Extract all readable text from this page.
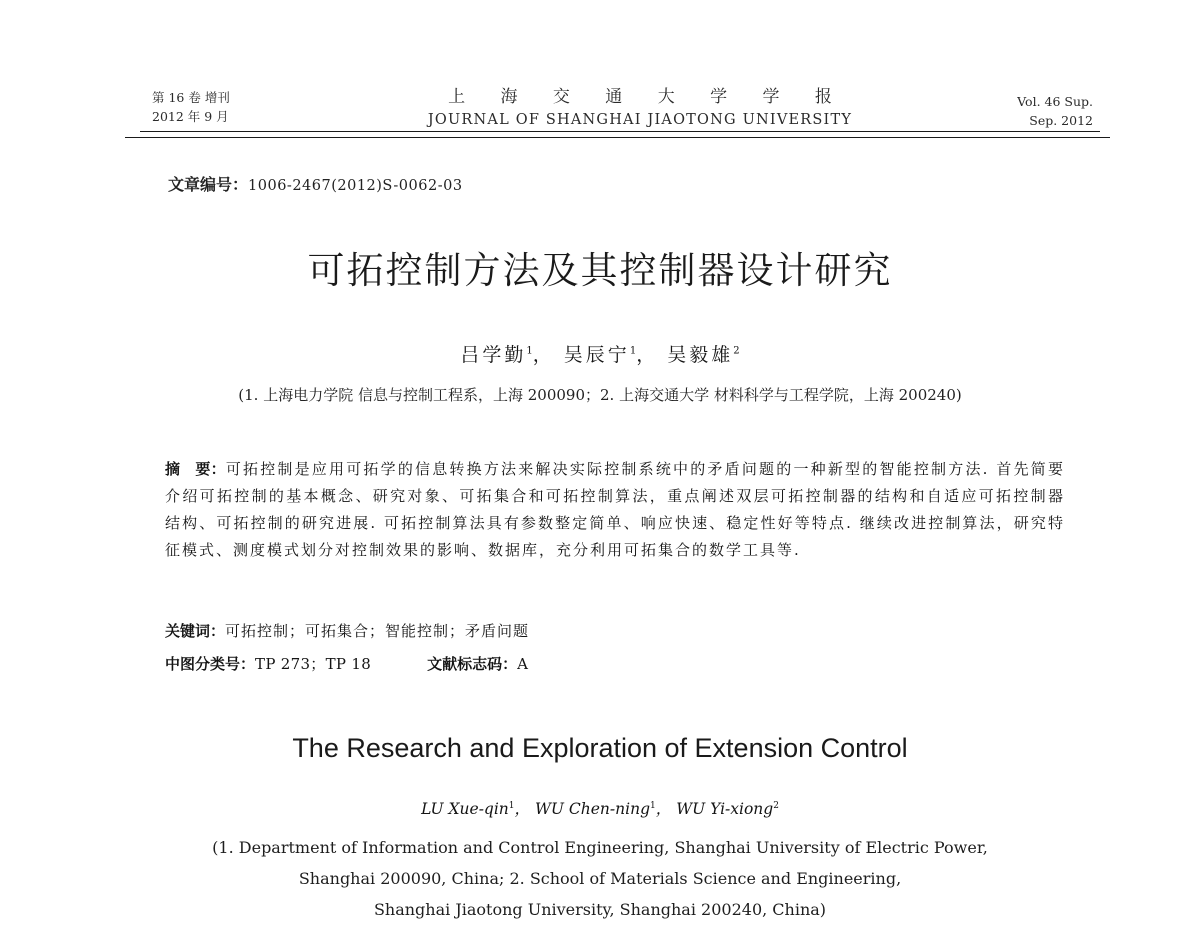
第 16 卷 增刊
2012 年 9 月
上 海 交 通 大 学 学 报
JOURNAL OF SHANGHAI JIAOTONG UNIVERSITY
Vol. 46 Sup.
Sep. 2012
文章编号：1006-2467(2012)S-0062-03
可拓控制方法及其控制器设计研究
吕学勤$^1$， 吴辰宁$^1$， 吴毅雄$^2$
(1. 上海电力学院 信息与控制工程系，上海 200090；2. 上海交通大学 材料科学与工程学院，上海 200240)
摘　要：可拓控制是应用可拓学的信息转换方法来解决实际控制系统中的矛盾问题的一种新型的智能控制方法. 首先简要介绍可拓控制的基本概念、研究对象、可拓集合和可拓控制算法，重点阐述双层可拓控制器的结构和自适应可拓控制器结构、可拓控制的研究进展. 可拓控制算法具有参数整定简单、响应快速、稳定性好等特点. 继续改进控制算法，研究特征模式、测度模式划分对控制效果的影响、数据库，充分利用可拓集合的数学工具等.
关键词：可拓控制；可拓集合；智能控制；矛盾问题
中图分类号：TP 273；TP 18	文献标志码：A
The Research and Exploration of Extension Control
LU Xue-qin$^1$， WU Chen-ning$^1$， WU Yi-xiong$^2$
(1. Department of Information and Control Engineering, Shanghai University of Electric Power,
Shanghai 200090, China; 2. School of Materials Science and Engineering,
Shanghai Jiaotong University, Shanghai 200240, China)
